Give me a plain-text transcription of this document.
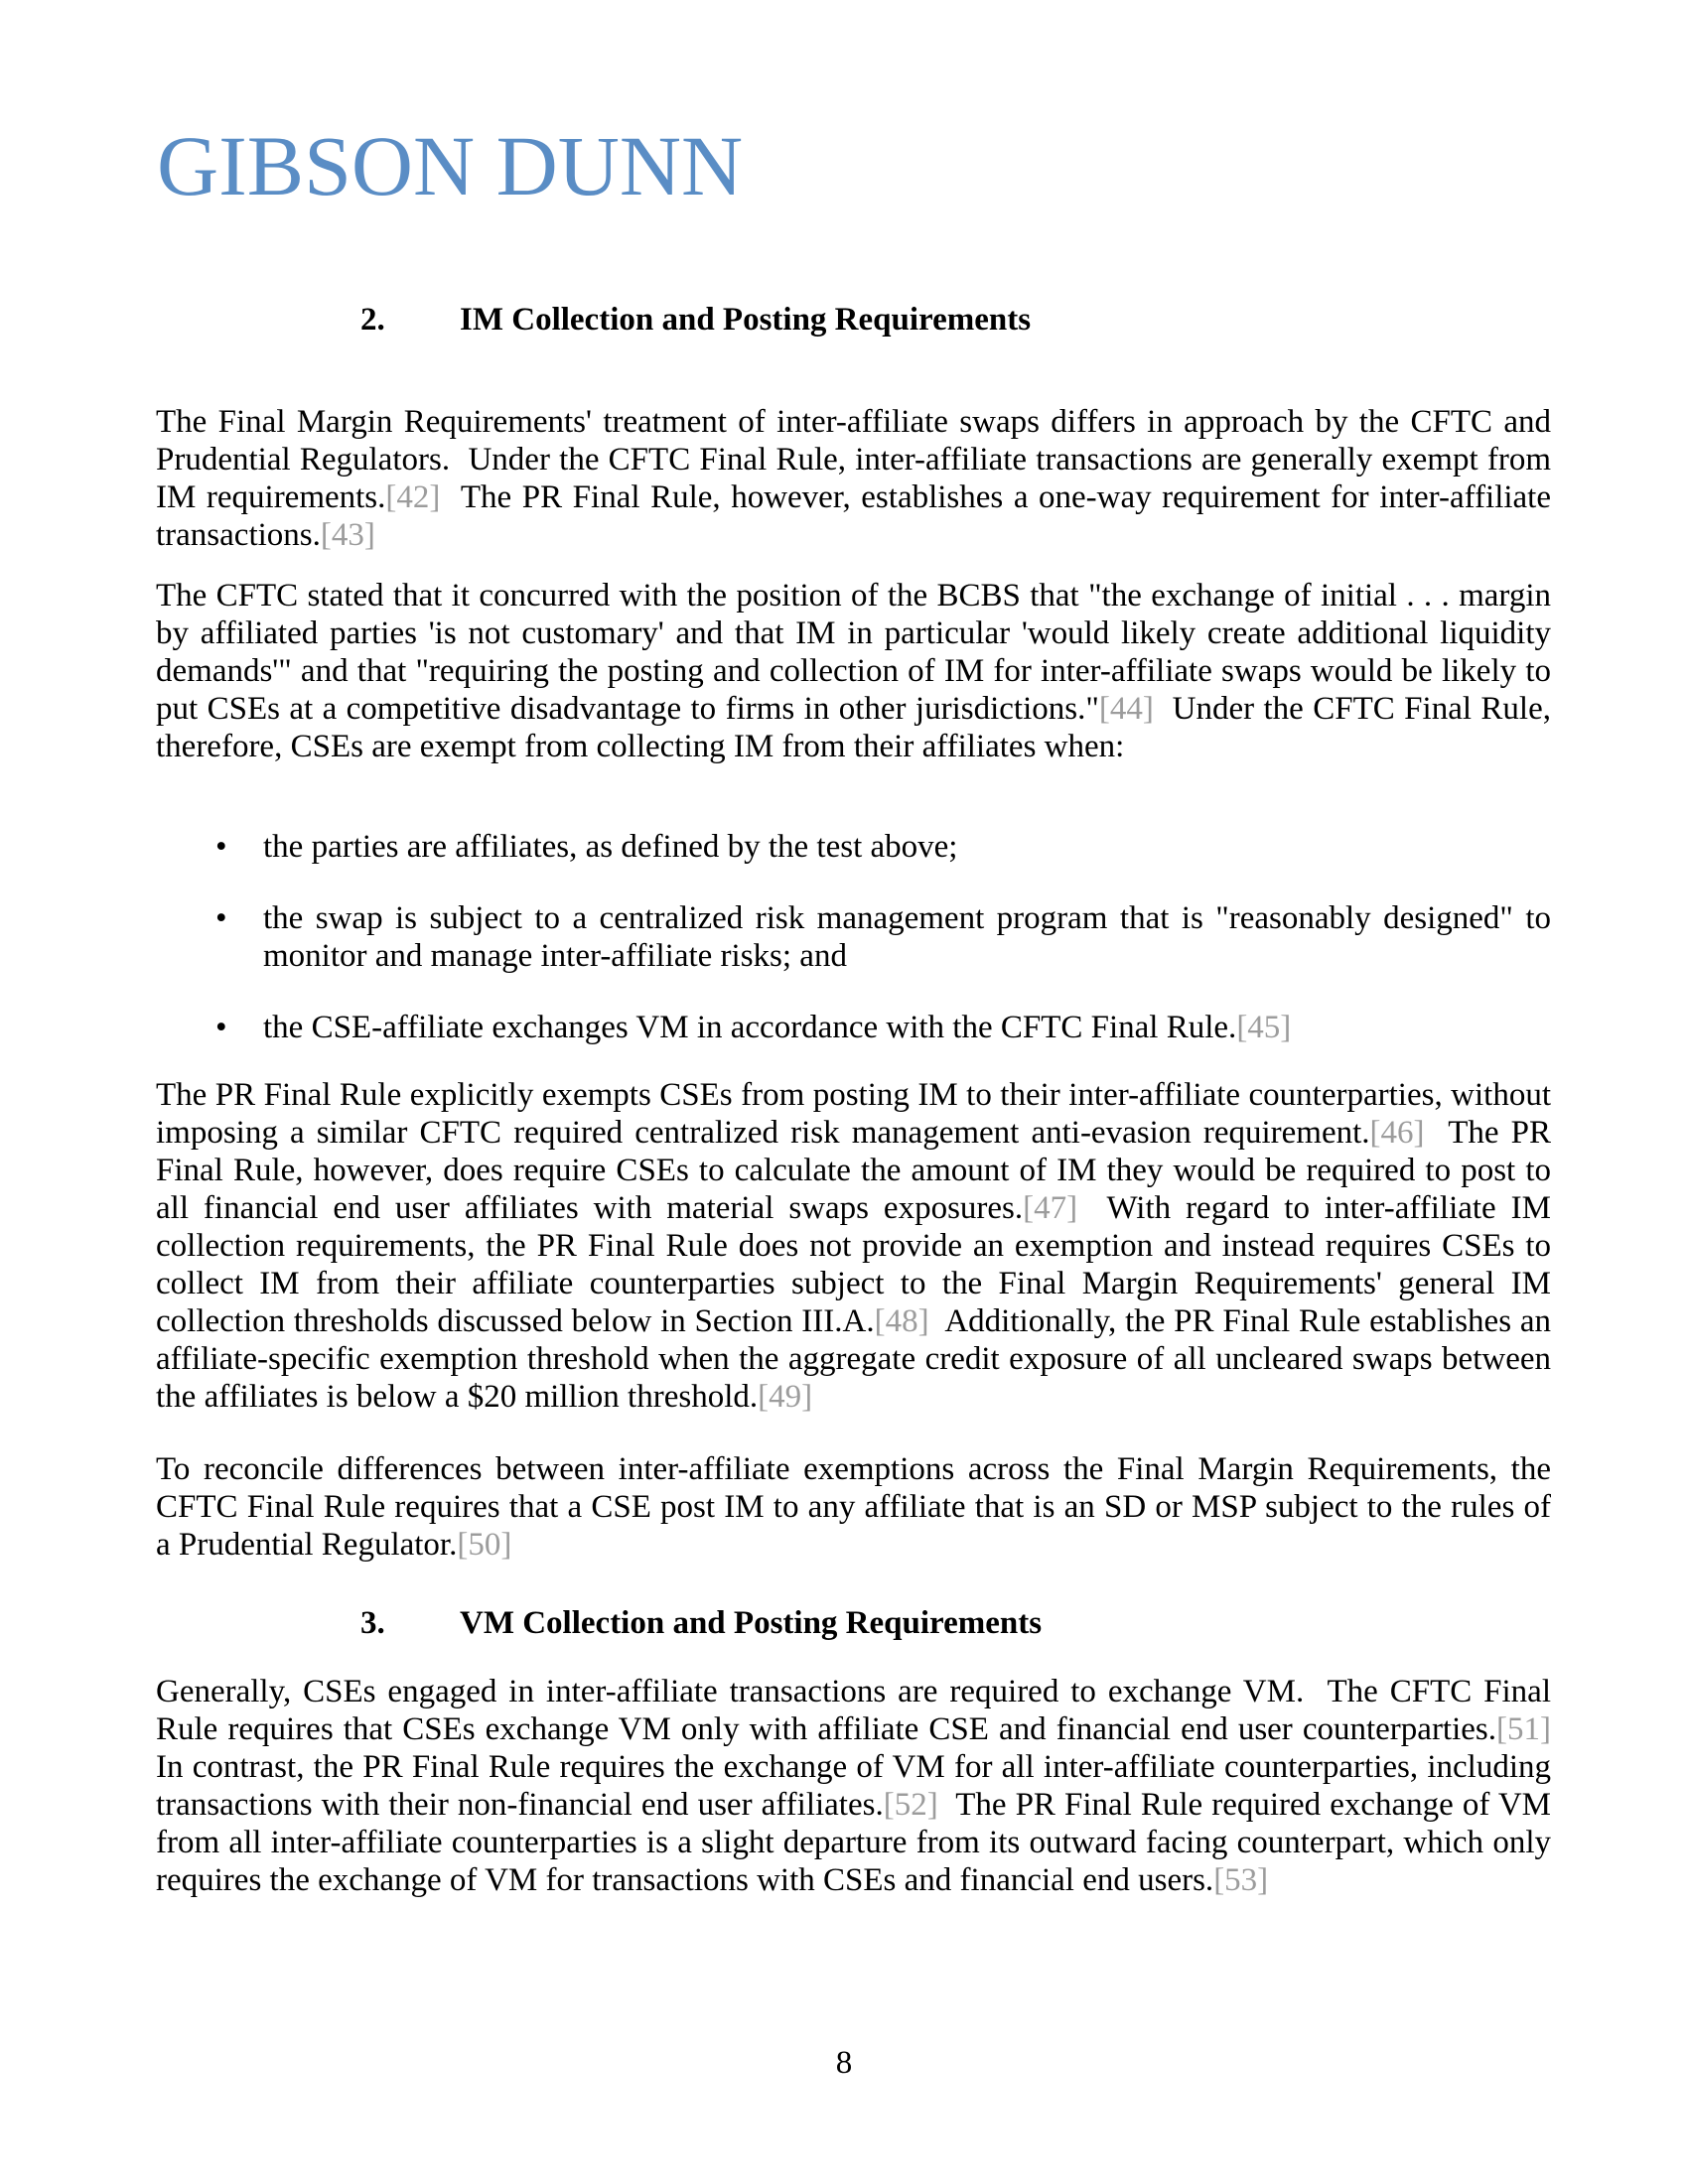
GIBSON DUNN
2.	IM Collection and Posting Requirements
The Final Margin Requirements' treatment of inter-affiliate swaps differs in approach by the CFTC and Prudential Regulators.  Under the CFTC Final Rule, inter-affiliate transactions are generally exempt from IM requirements.[42]  The PR Final Rule, however, establishes a one-way requirement for inter-affiliate transactions.[43]
The CFTC stated that it concurred with the position of the BCBS that "the exchange of initial . . . margin by affiliated parties 'is not customary' and that IM in particular 'would likely create additional liquidity demands'" and that "requiring the posting and collection of IM for inter-affiliate swaps would be likely to put CSEs at a competitive disadvantage to firms in other jurisdictions."[44]  Under the CFTC Final Rule, therefore, CSEs are exempt from collecting IM from their affiliates when:
•	the parties are affiliates, as defined by the test above;
•	the swap is subject to a centralized risk management program that is "reasonably designed" to monitor and manage inter-affiliate risks; and
•	the CSE-affiliate exchanges VM in accordance with the CFTC Final Rule.[45]
The PR Final Rule explicitly exempts CSEs from posting IM to their inter-affiliate counterparties, without imposing a similar CFTC required centralized risk management anti-evasion requirement.[46]  The PR Final Rule, however, does require CSEs to calculate the amount of IM they would be required to post to all financial end user affiliates with material swaps exposures.[47]  With regard to inter-affiliate IM collection requirements, the PR Final Rule does not provide an exemption and instead requires CSEs to collect IM from their affiliate counterparties subject to the Final Margin Requirements' general IM collection thresholds discussed below in Section III.A.[48]  Additionally, the PR Final Rule establishes an affiliate-specific exemption threshold when the aggregate credit exposure of all uncleared swaps between the affiliates is below a $20 million threshold.[49]
To reconcile differences between inter-affiliate exemptions across the Final Margin Requirements, the CFTC Final Rule requires that a CSE post IM to any affiliate that is an SD or MSP subject to the rules of a Prudential Regulator.[50]
3.	VM Collection and Posting Requirements
Generally, CSEs engaged in inter-affiliate transactions are required to exchange VM.  The CFTC Final Rule requires that CSEs exchange VM only with affiliate CSE and financial end user counterparties.[51]  In contrast, the PR Final Rule requires the exchange of VM for all inter-affiliate counterparties, including transactions with their non-financial end user affiliates.[52]  The PR Final Rule required exchange of VM from all inter-affiliate counterparties is a slight departure from its outward facing counterpart, which only requires the exchange of VM for transactions with CSEs and financial end users.[53]
8
